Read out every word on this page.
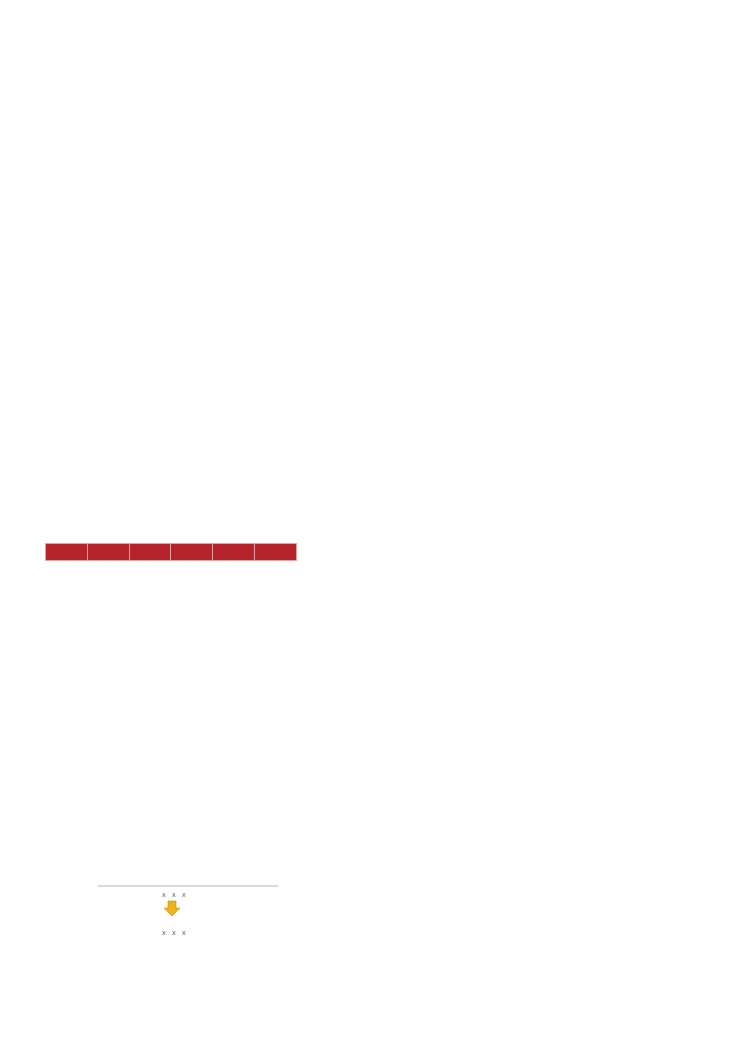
X X X
X X X
